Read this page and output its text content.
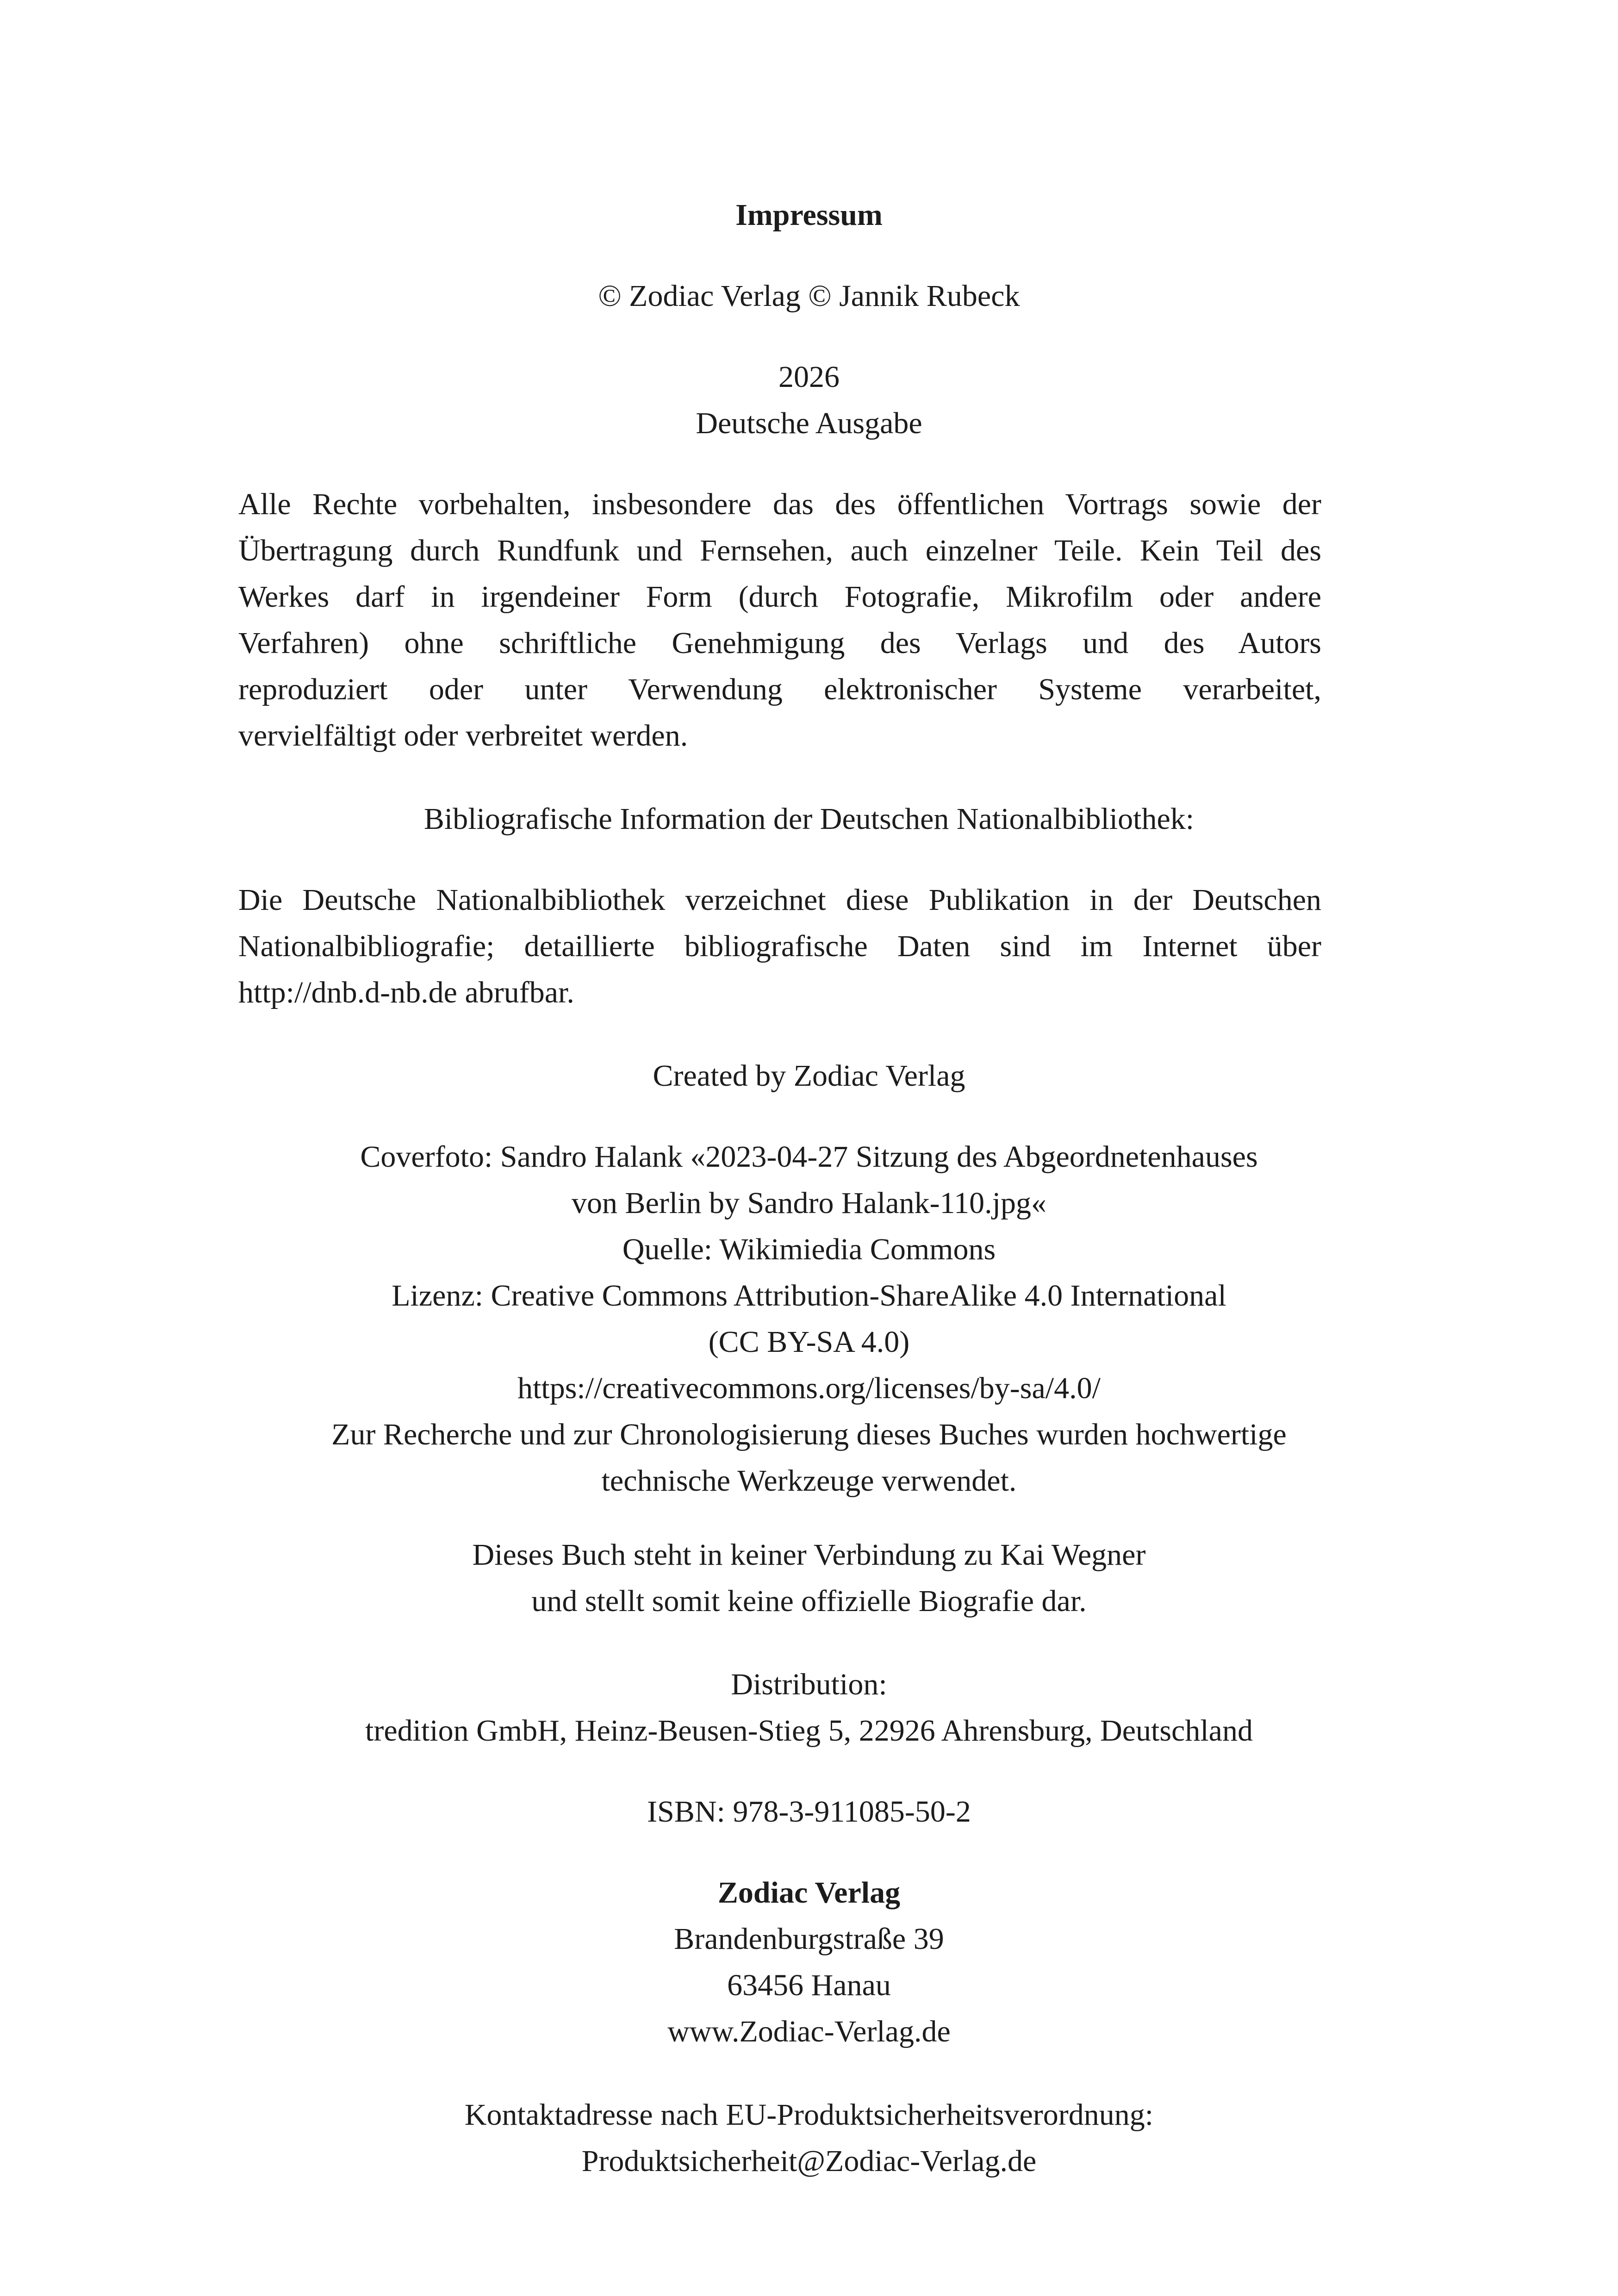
Impressum
© Zodiac Verlag © Jannik Rubeck
2026
Deutsche Ausgabe
Alle Rechte vorbehalten, insbesondere das des öffentlichen Vortrags sowie der
Übertragung durch Rundfunk und Fernsehen, auch einzelner Teile. Kein Teil des
Werkes darf in irgendeiner Form (durch Fotografie, Mikrofilm oder andere
Verfahren) ohne schriftliche Genehmigung des Verlags und des Autors
reproduziert oder unter Verwendung elektronischer Systeme verarbeitet,
vervielfältigt oder verbreitet werden.
Bibliografische Information der Deutschen Nationalbibliothek:
Die Deutsche Nationalbibliothek verzeichnet diese Publikation in der Deutschen
Nationalbibliografie; detaillierte bibliografische Daten sind im Internet über
http://dnb.d-nb.de abrufbar.
Created by Zodiac Verlag
Coverfoto: Sandro Halank «2023-04-27 Sitzung des Abgeordnetenhauses
von Berlin by Sandro Halank-110.jpg«
Quelle: Wikimiedia Commons
Lizenz: Creative Commons Attribution-ShareAlike 4.0 International
(CC BY-SA 4.0)
https://creativecommons.org/licenses/by-sa/4.0/
Zur Recherche und zur Chronologisierung dieses Buches wurden hochwertige
technische Werkzeuge verwendet.
Dieses Buch steht in keiner Verbindung zu Kai Wegner
und stellt somit keine offizielle Biografie dar.
Distribution:
tredition GmbH, Heinz-Beusen-Stieg 5, 22926 Ahrensburg, Deutschland
ISBN: 978-3-911085-50-2
Zodiac Verlag
Brandenburgstraße 39
63456 Hanau
www.Zodiac-Verlag.de
Kontaktadresse nach EU-Produktsicherheitsverordnung:
Produktsicherheit@Zodiac-Verlag.de
